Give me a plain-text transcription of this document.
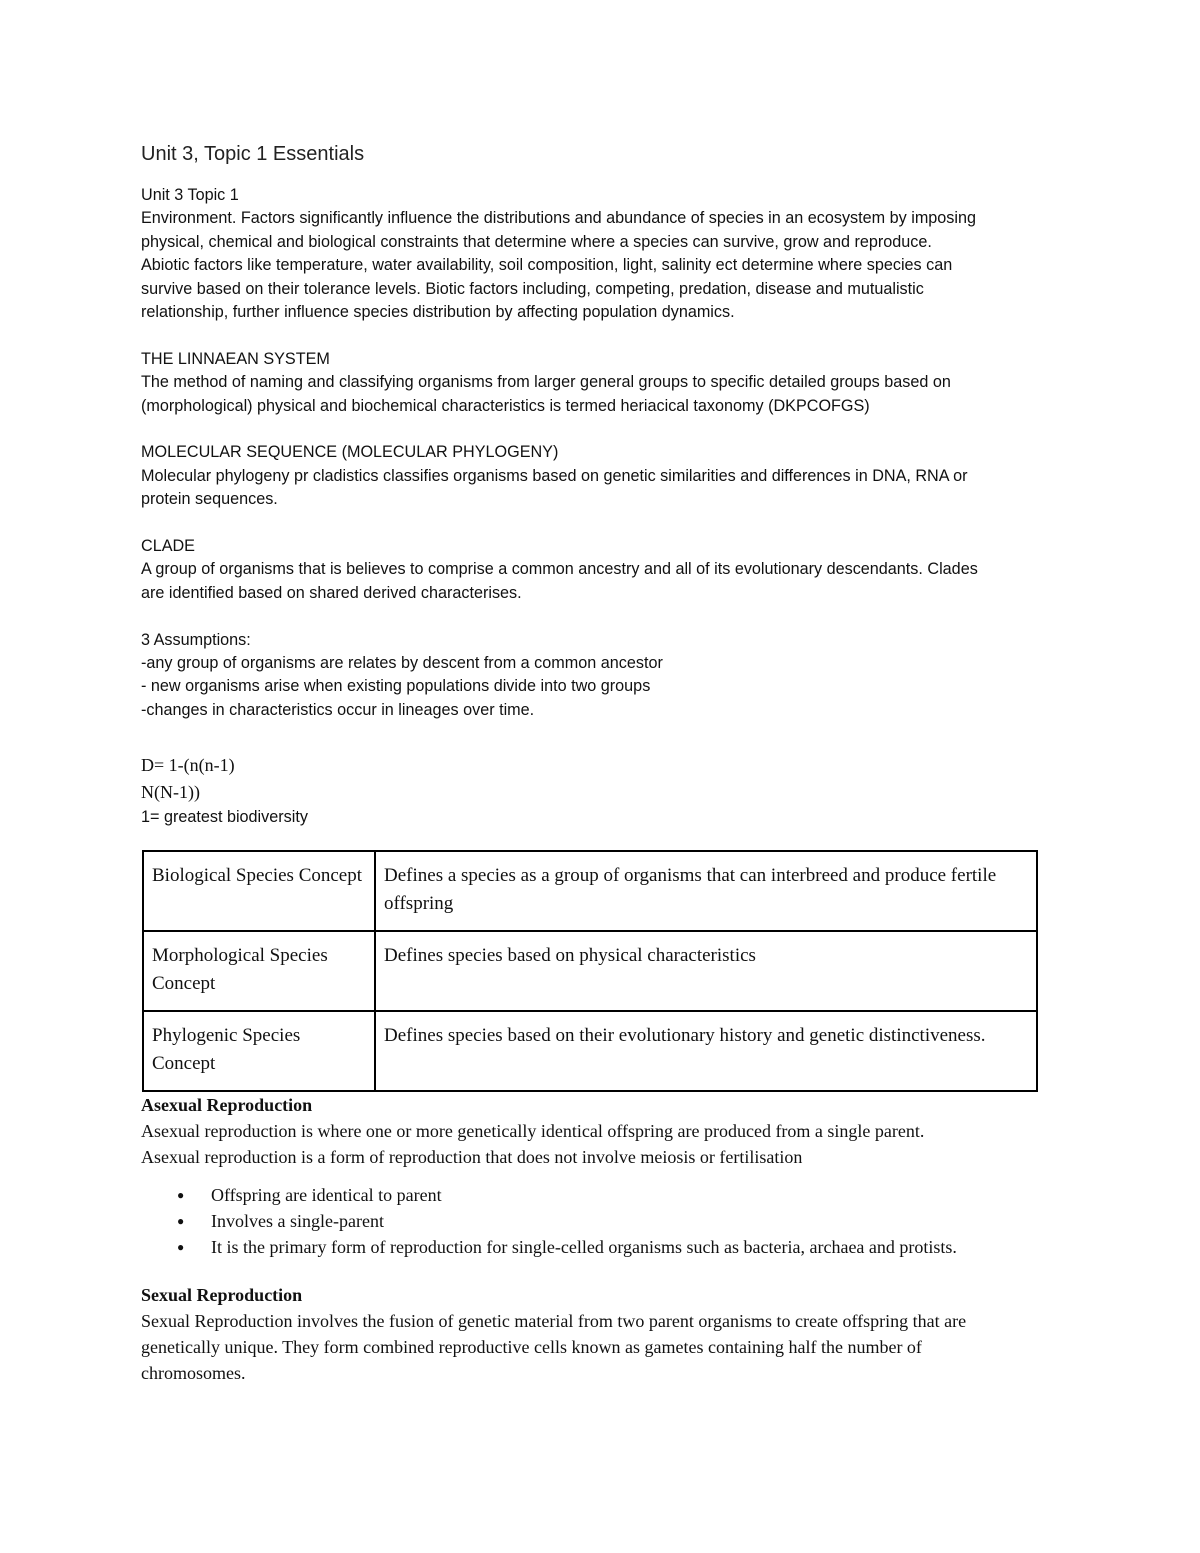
Unit 3, Topic 1 Essentials

Unit 3 Topic 1

Environment. Factors significantly influence the distributions and abundance of species in an ecosystem by imposing

physical, chemical and biological constraints that determine where a species can survive, grow and reproduce.

Abiotic factors like temperature, water availability, soil composition, light, salinity ect determine where species can

survive based on their tolerance levels. Biotic factors including, competing, predation, disease and mutualistic

relationship, further influence species distribution by affecting population dynamics.

THE LINNAEAN SYSTEM

The method of naming and classifying organisms from larger general groups to specific detailed groups based on

(morphological) physical and biochemical characteristics is termed heriacical taxonomy (DKPCOFGS)

MOLECULAR SEQUENCE (MOLECULAR PHYLOGENY)

Molecular phylogeny pr cladistics classifies organisms based on genetic similarities and differences in DNA, RNA or

protein sequences.

CLADE

A group of organisms that is believes to comprise a common ancestry and all of its evolutionary descendants. Clades

are identified based on shared derived characterises.

3 Assumptions:

-any group of organisms are relates by descent from a common ancestor

- new organisms arise when existing populations divide into two groups

-changes in characteristics occur in lineages over time.

D= 1-(n(n-1)
N(N-1))

1= greatest biodiversity

Biological Species Concept	Defines a species as a group of organisms that can interbreed and produce fertile offspring
Morphological Species Concept	Defines species based on physical characteristics
Phylogenic Species Concept	Defines species based on their evolutionary history and genetic distinctiveness.

Asexual Reproduction

Asexual reproduction is where one or more genetically identical offspring are produced from a single parent.

Asexual reproduction is a form of reproduction that does not involve meiosis or fertilisation

● Offspring are identical to parent
● Involves a single-parent
● It is the primary form of reproduction for single-celled organisms such as bacteria, archaea and protists.

Sexual Reproduction

Sexual Reproduction involves the fusion of genetic material from two parent organisms to create offspring that are

genetically unique. They form combined reproductive cells known as gametes containing half the number of

chromosomes.
